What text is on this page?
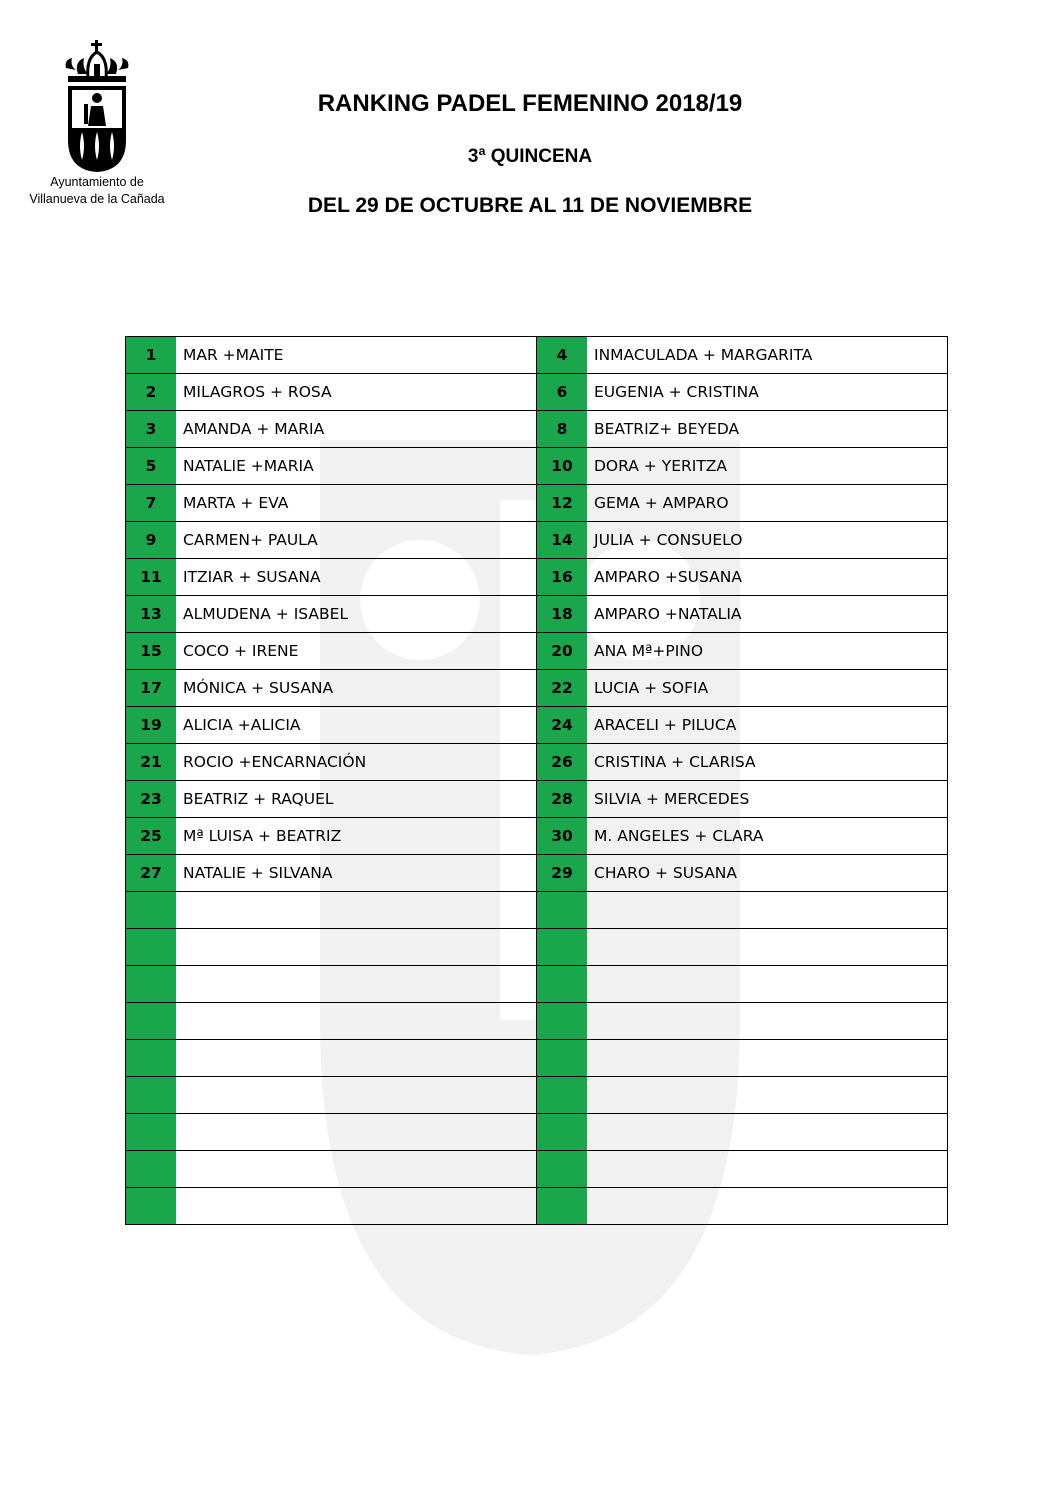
Ayuntamiento de
Villanueva de la Cañada
RANKING PADEL FEMENINO 2018/19
3ª QUINCENA
DEL 29 DE OCTUBRE AL 11 DE NOVIEMBRE
1	MAR +MAITE	4	INMACULADA + MARGARITA
2	MILAGROS + ROSA	6	EUGENIA + CRISTINA
3	AMANDA + MARIA	8	BEATRIZ+ BEYEDA
5	NATALIE +MARIA	10	DORA + YERITZA
7	MARTA + EVA	12	GEMA + AMPARO
9	CARMEN+ PAULA	14	JULIA + CONSUELO
11	ITZIAR + SUSANA	16	AMPARO +SUSANA
13	ALMUDENA + ISABEL	18	AMPARO +NATALIA
15	COCO + IRENE	20	ANA Mª+PINO
17	MÓNICA + SUSANA	22	LUCIA + SOFIA
19	ALICIA +ALICIA	24	ARACELI + PILUCA
21	ROCIO +ENCARNACIÓN	26	CRISTINA + CLARISA
23	BEATRIZ + RAQUEL	28	SILVIA + MERCEDES
25	Mª LUISA + BEATRIZ	30	M. ANGELES + CLARA
27	NATALIE + SILVANA	29	CHARO + SUSANA
